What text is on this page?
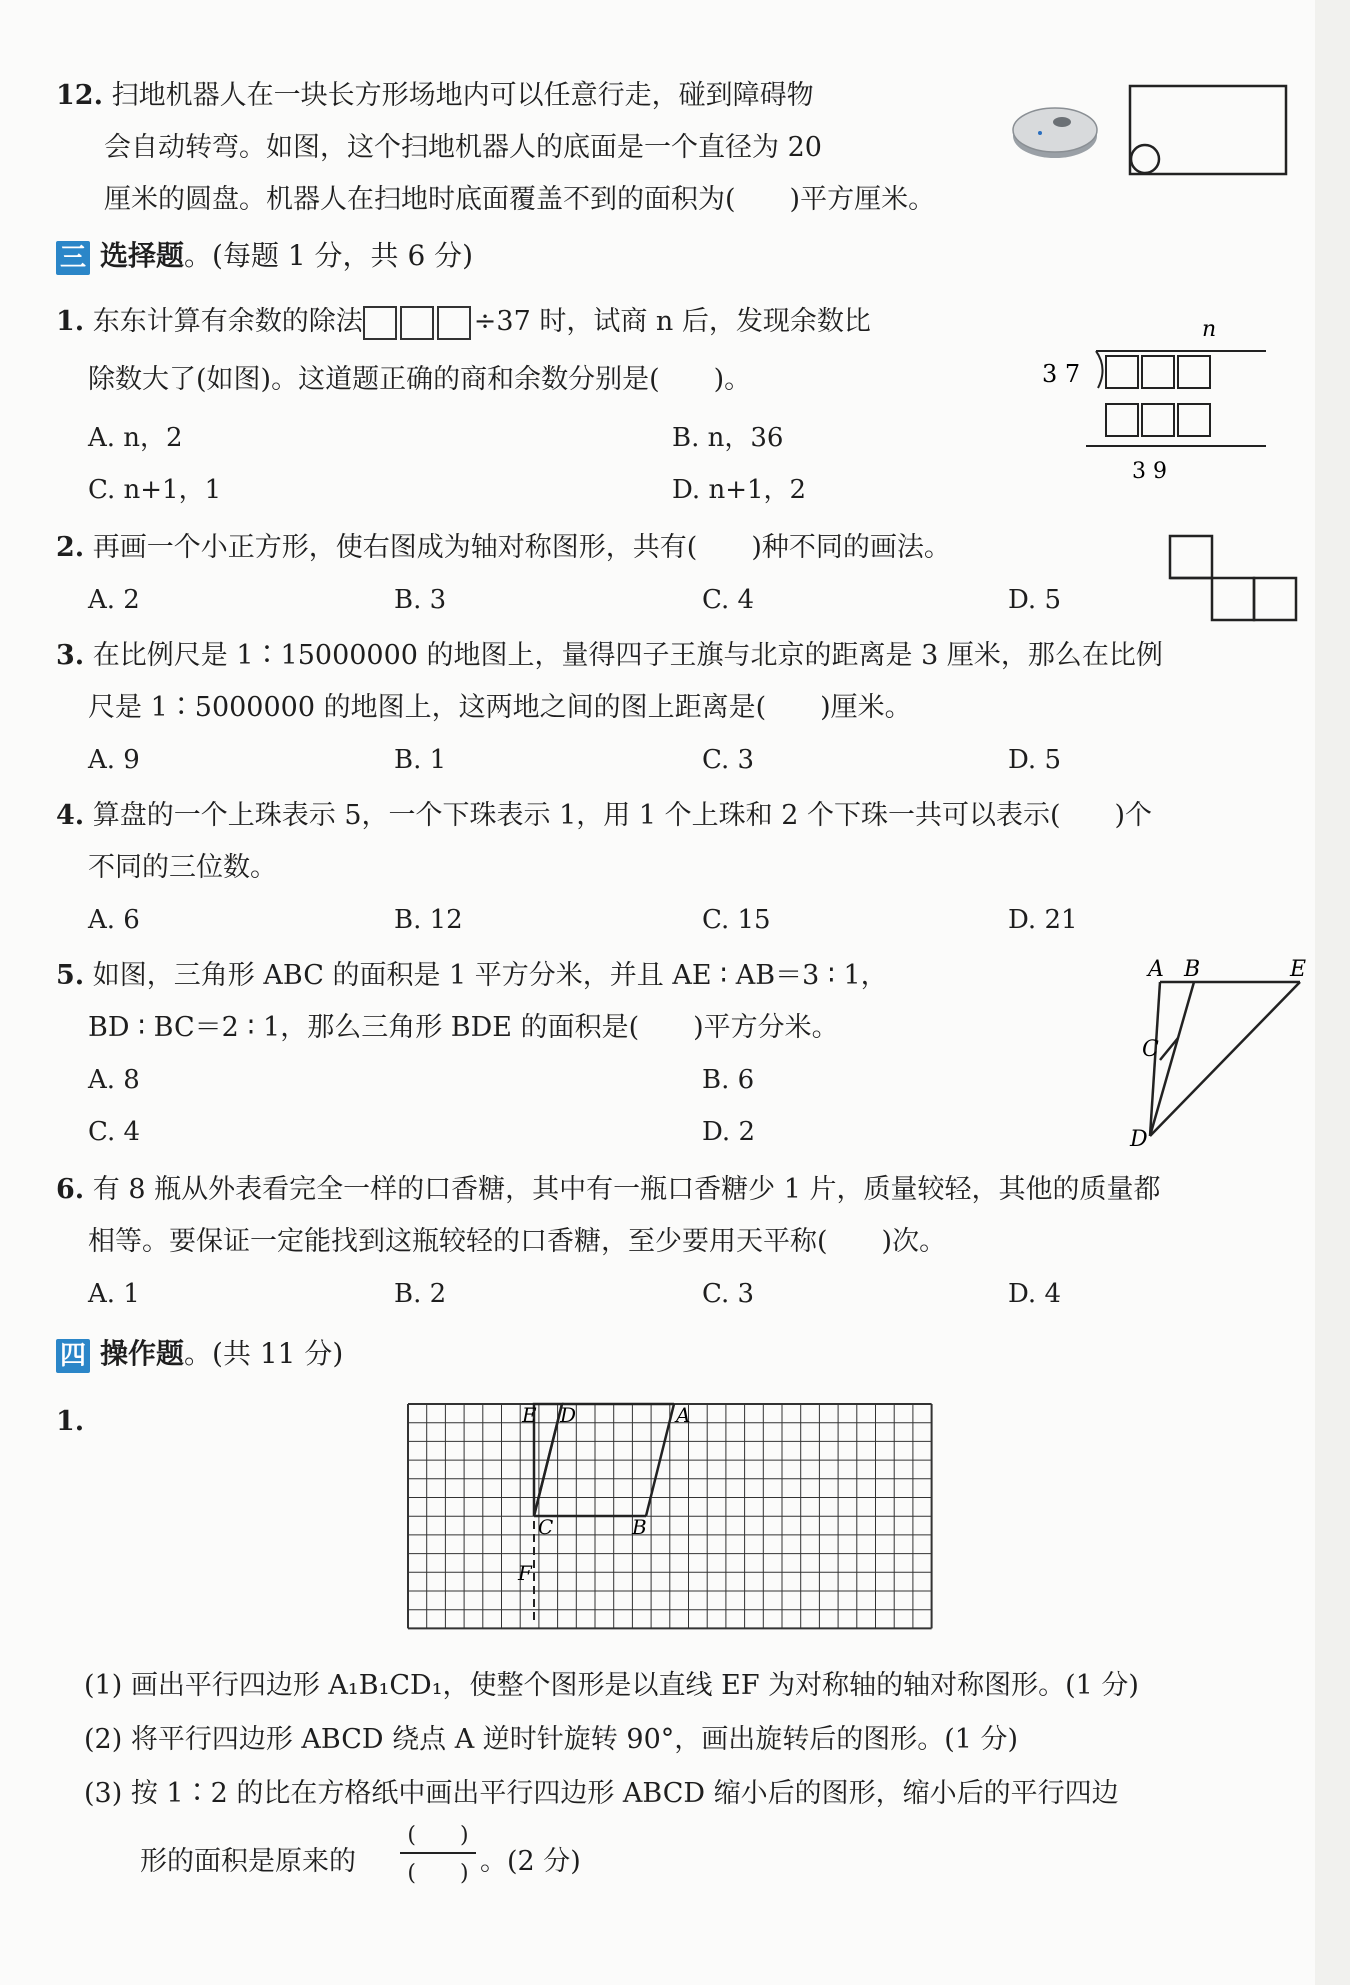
12. 扫地机器人在一块长方形场地内可以任意行走，碰到障碍物
会自动转弯。如图，这个扫地机器人的底面是一个直径为 20
厘米的圆盘。机器人在扫地时底面覆盖不到的面积为(　　)平方厘米。
三 选择题。(每题 1 分，共 6 分)
1. 东东计算有余数的除法	÷37 时，试商 n 后，发现余数比
除数大了(如图)。这道题正确的商和余数分别是(　　)。
A. n，2	B. n，36
C. n+1，1	D. n+1，2
n
3 7
3 9
2. 再画一个小正方形，使右图成为轴对称图形，共有(　　)种不同的画法。
A. 2	B. 3	C. 4	D. 5
3. 在比例尺是 1∶15000000 的地图上，量得四子王旗与北京的距离是 3 厘米，那么在比例
尺是 1∶5000000 的地图上，这两地之间的图上距离是(　　)厘米。
A. 9	B. 1	C. 3	D. 5
4. 算盘的一个上珠表示 5，一个下珠表示 1，用 1 个上珠和 2 个下珠一共可以表示(　　)个
不同的三位数。
A. 6	B. 12	C. 15	D. 21
5. 如图，三角形 ABC 的面积是 1 平方分米，并且 AE ∶ AB＝3 ∶ 1，
BD ∶ BC＝2 ∶ 1，那么三角形 BDE 的面积是(　　)平方分米。
A. 8	B. 6
C. 4	D. 2
A B	E
C
D
6. 有 8 瓶从外表看完全一样的口香糖，其中有一瓶口香糖少 1 片，质量较轻，其他的质量都
相等。要保证一定能找到这瓶较轻的口香糖，至少要用天平称(　　)次。
A. 1	B. 2	C. 3	D. 4
四 操作题。(共 11 分)
1.	E D	A
C	B
F
(1) 画出平行四边形 A₁B₁CD₁，使整个图形是以直线 EF 为对称轴的轴对称图形。(1 分)
(2) 将平行四边形 ABCD 绕点 A 逆时针旋转 90°，画出旋转后的图形。(1 分)
(3) 按 1∶2 的比在方格纸中画出平行四边形 ABCD 缩小后的图形，缩小后的平行四边
形的面积是原来的
(　　)
(　　) 。(2 分)
